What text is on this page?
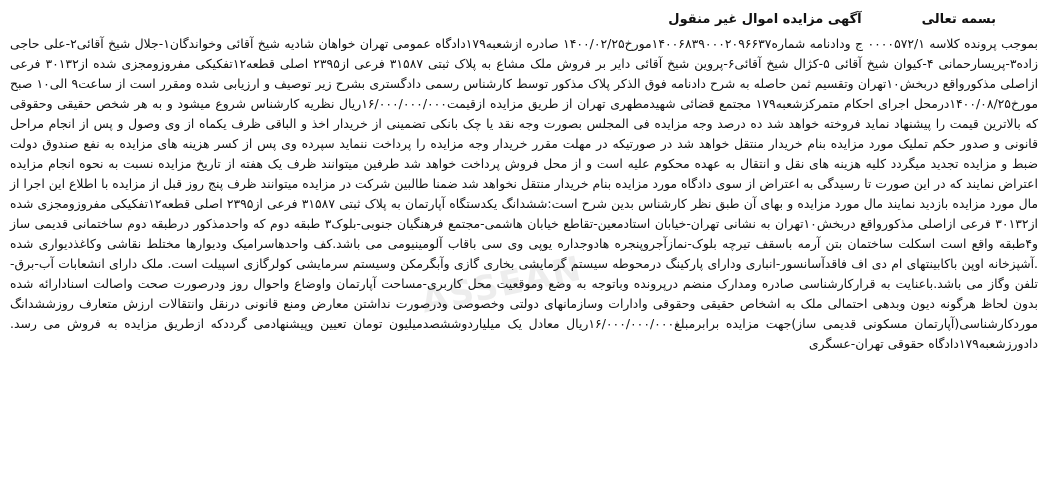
بسمه تعالی
آگهی مزایده اموال غیر منقول

بموجب پرونده کلاسه ۰۰۰۰۵۷۲/۱ ج ودادنامه شماره۱۴۰۰۶۸۳۹۰۰۰۲۰۹۶۶۳۷مورخ۱۴۰۰/۰۲/۲۵ صادره ازشعبه۱۷۹دادگاه عمومی تهران خواهان شادیه شیخ آقائی وخواندگان۱-جلال شیخ آقائی۲-علی حاجی زاده۳-پریسارحمانی ۴-کیوان شیخ آقائی ۵-کژال شیخ آقائی۶-پروین شیخ آقائی دایر بر فروش ملک مشاع به پلاک ثبتی ۳۱۵۸۷ فرعی از۲۳۹۵ اصلی قطعه۱۲تفکیکی مفروزومجزی شده از۳۰۱۳۲ فرعی ازاصلی مذکورواقع دربخش۱۰تهران وتقسیم ثمن حاصله به شرح دادنامه فوق الذکر پلاک مذکور توسط کارشناس رسمی دادگستری بشرح زیر توصیف و ارزیابی شده ومقرر است از ساعت۹ الی۱۰ صبح مورخ۱۴۰۰/۰۸/۲۵درمحل اجرای احکام متمرکزشعبه۱۷۹ مجتمع قضائی شهیدمطهری تهران از طریق مزایده ازقیمت۱۶/۰۰۰/۰۰۰/۰۰۰ریال نظریه کارشناس شروع میشود و به هر شخص حقیقی وحقوقی که بالاترین قیمت را پیشنهاد نماید فروخته خواهد شد ده درصد وجه مزایده فی المجلس بصورت وجه نقد یا چک بانکی تضمینی از خریدار اخذ و الباقی ظرف یکماه از وی وصول و پس از انجام مراحل قانونی و صدور حکم تملیک مورد مزایده بنام خریدار منتقل خواهد شد در صورتیکه در مهلت مقرر خریدار وجه مزایده را پرداخت ننماید سپرده وی پس از کسر هزینه های مزایده به نفع صندوق دولت ضبط و مزایده تجدید میگردد کلیه هزینه های نقل و انتقال به عهده محکوم علیه است و از محل فروش پرداخت خواهد شد طرفین میتوانند ظرف یک هفته از تاریخ مزایده نسبت به نحوه انجام مزایده اعتراض نمایند که در این صورت تا رسیدگی به اعتراض از سوی دادگاه مورد مزایده بنام خریدار منتقل نخواهد شد ضمنا طالبین شرکت در مزایده میتوانند ظرف پنج روز قبل از مزایده با اطلاع این اجرا از مال مورد مزایده بازدید نمایند مال مورد مزایده و بهای آن طبق نظر کارشناس بدین شرح است:ششدانگ یکدستگاه آپارتمان به پلاک ثبتی ۳۱۵۸۷ فرعی از۲۳۹۵ اصلی قطعه۱۲تفکیکی مفروزومجزی شده از۳۰۱۳۲ فرعی ازاصلی مذکورواقع دربخش۱۰تهران به نشانی تهران-خیابان استادمعین-تقاطع خیابان هاشمی-مجتمع فرهنگیان جنوبی-بلوک۳ طبقه دوم که واحدمذکور درطبقه دوم ساختمانی قدیمی ساز و۴طبقه واقع است اسکلت ساختمان بتن آرمه باسقف تیرچه بلوک-نمازآجروپنجره هادوجداره یوپی وی سی باقاب آلومینیومی می باشد.کف واحدهاسرامیک ودیوارها مختلط نقاشی وکاغذدیواری شده .آشپزخانه اوپن باکابینتهای ام دی اف فاقدآسانسور-انباری ودارای پارکینگ درمحوطه سیستم گرمایشی بخاری گازی وآبگرمکن وسیستم سرمایشی کولرگازی اسپیلت است. ملک دارای انشعابات آب-برق-تلفن وگاز می باشد.باعنایت به قرارکارشناسی صادره ومدارک منضم درپرونده وباتوجه به وضع وموقعیت محل کاربری-مساحت آپارتمان واوضاع واحوال روز ودرصورت صحت واصالت اسنادارائه شده بدون لحاظ هرگونه دیون وبدهی احتمالی ملک به اشخاص حقیقی وحقوقی وادارات وسازمانهای دولتی وخصوصی ودرصورت نداشتن معارض ومنع قانونی درنقل وانتقالات ارزش متعارف روزششدانگ موردکارشناسی(آپارتمان مسکونی قدیمی ساز)جهت مزایده برابرمبلغ۱۶/۰۰۰/۰۰۰/۰۰۰ریال معادل یک میلیاردوششصدمیلیون تومان تعیین وپیشنهادمی گرددکه ازطریق مزایده به فروش می رسد. دادورزشعبه۱۷۹دادگاه حقوقی تهران-عسگری

ASSEAN
